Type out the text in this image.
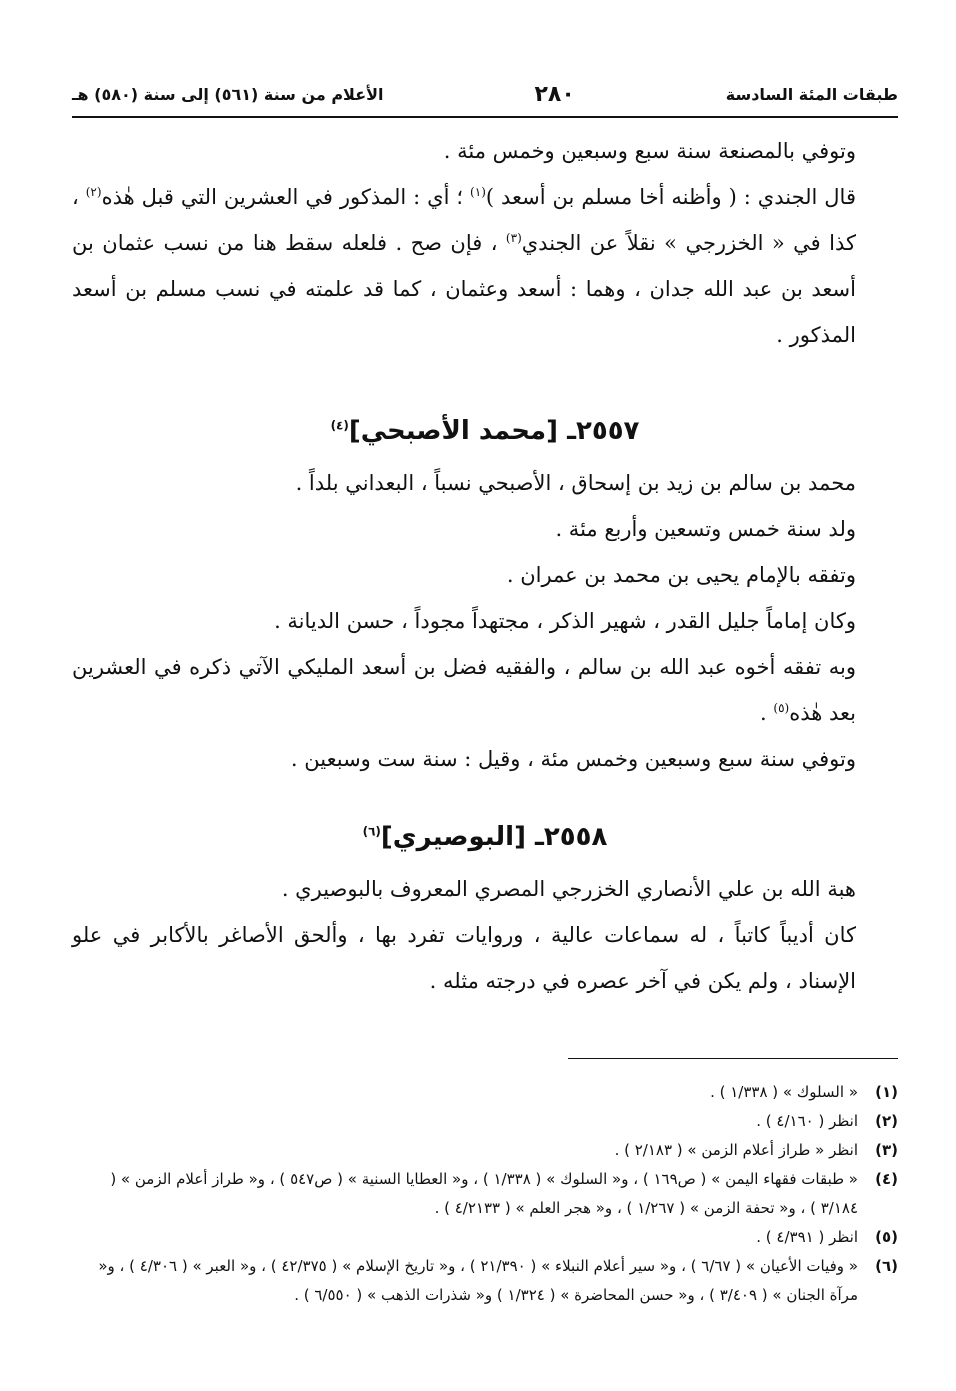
طبقات المئة السادسة
٢٨٠
الأعلام من سنة (٥٦١) إلى سنة (٥٨٠) هـ

وتوفي بالمصنعة سنة سبع وسبعين وخمس مئة .

قال الجندي : ( وأظنه أخا مسلم بن أسعد )$^{(١)}$ ؛ أي : المذكور في العشرين التي قبل هٰذه$^{(٢)}$ ، كذا في « الخزرجي » نقلاً عن الجندي$^{(٣)}$ ، فإن صح . فلعله سقط هنا من نسب عثمان بن أسعد بن عبد الله جدان ، وهما : أسعد وعثمان ، كما قد علمته في نسب مسلم بن أسعد المذكور .

٢٥٥٧ـ [محمد الأصبحي]$^{(٤)}$

محمد بن سالم بن زيد بن إسحاق ، الأصبحي نسباً ، البعداني بلداً .

ولد سنة خمس وتسعين وأربع مئة .

وتفقه بالإمام يحيى بن محمد بن عمران .

وكان إماماً جليل القدر ، شهير الذكر ، مجتهداً مجوداً ، حسن الديانة .

وبه تفقه أخوه عبد الله بن سالم ، والفقيه فضل بن أسعد المليكي الآتي ذكره في العشرين بعد هٰذه$^{(٥)}$ .

وتوفي سنة سبع وسبعين وخمس مئة ، وقيل : سنة ست وسبعين .

٢٥٥٨ـ [البوصيري]$^{(٦)}$

هبة الله بن علي الأنصاري الخزرجي المصري المعروف بالبوصيري .

كان أديباً كاتباً ، له سماعات عالية ، وروايات تفرد بها ، وألحق الأصاغر بالأكابر في علو الإسناد ، ولم يكن في آخر عصره في درجته مثله .

(١)
« السلوك » ( ١/٣٣٨ ) .
(٢)
انظر ( ٤/١٦٠ ) .
(٣)
انظر « طراز أعلام الزمن » ( ٢/١٨٣ ) .
(٤)
« طبقات فقهاء اليمن » ( ص١٦٩ ) ، و« السلوك » ( ١/٣٣٨ ) ، و« العطايا السنية » ( ص٥٤٧ ) ، و« طراز أعلام الزمن » ( ٣/١٨٤ ) ، و« تحفة الزمن » ( ١/٢٦٧ ) ، و« هجر العلم » ( ٤/٢١٣٣ ) .
(٥)
انظر ( ٤/٣٩١ ) .
(٦)
« وفيات الأعيان » ( ٦/٦٧ ) ، و« سير أعلام النبلاء » ( ٢١/٣٩٠ ) ، و« تاريخ الإسلام » ( ٤٢/٣٧٥ ) ، و« العبر » ( ٤/٣٠٦ ) ، و« مرآة الجنان » ( ٣/٤٠٩ ) ، و« حسن المحاضرة » ( ١/٣٢٤ ) و« شذرات الذهب » ( ٦/٥٥٠ ) .
